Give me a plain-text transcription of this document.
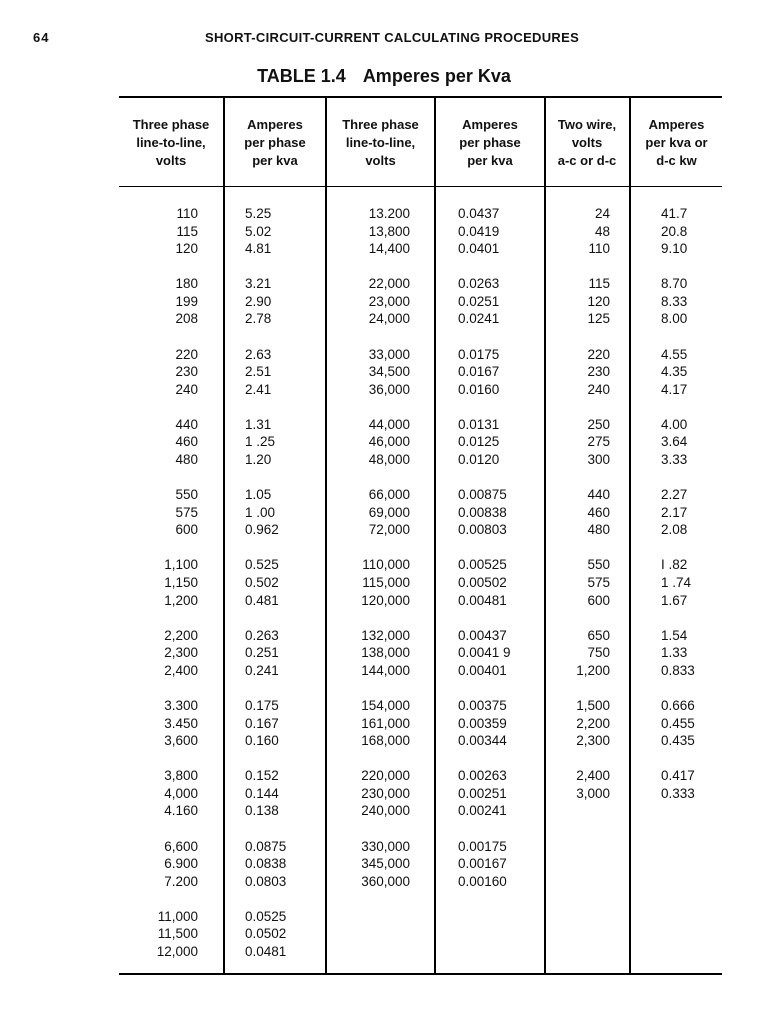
64	SHORT-CIRCUIT-CURRENT CALCULATING PROCEDURES
TABLE 1.4 Amperes per Kva
Three phase
line-to-line,
volts
Amperes
per phase
per kva
Three phase
line-to-line,
volts
Amperes
per phase
per kva
Two wire,
volts
a-c or d-c
Amperes
per kva or
d-c kw
110
115
120
180
199
208
220
230
240
440
460
480
550
575
600
1,100
1,150
1,200
2,200
2,300
2,400
3.300
3.450
3,600
3,800
4,000
4.160
6,600
6.900
7.200
11,000
11,500
12,000
5.25
5.02
4.81
3.21
2.90
2.78
2.63
2.51
2.41
1.31
1 .25
1.20
1.05
1 .00
0.962
0.525
0.502
0.481
0.263
0.251
0.241
0.175
0.167
0.160
0.152
0.144
0.138
0.0875
0.0838
0.0803
0.0525
0.0502
0.0481
13.200
13,800
14,400
22,000
23,000
24,000
33,000
34,500
36,000
44,000
46,000
48,000
66,000
69,000
72,000
110,000
115,000
120,000
132,000
138,000
144,000
154,000
161,000
168,000
220,000
230,000
240,000
330,000
345,000
360,000
0.0437
0.0419
0.0401
0.0263
0.0251
0.0241
0.0175
0.0167
0.0160
0.0131
0.0125
0.0120
0.00875
0.00838
0.00803
0.00525
0.00502
0.00481
0.00437
0.0041 9
0.00401
0.00375
0.00359
0.00344
0.00263
0.00251
0.00241
0.00175
0.00167
0.00160
24
48
110
115
120
125
220
230
240
250
275
300
440
460
480
550
575
600
650
750
1,200
1,500
2,200
2,300
2,400
3,000
41.7
20.8
9.10
8.70
8.33
8.00
4.55
4.35
4.17
4.00
3.64
3.33
2.27
2.17
2.08
I .82
1 .74
1.67
1.54
1.33
0.833
0.666
0.455
0.435
0.417
0.333
